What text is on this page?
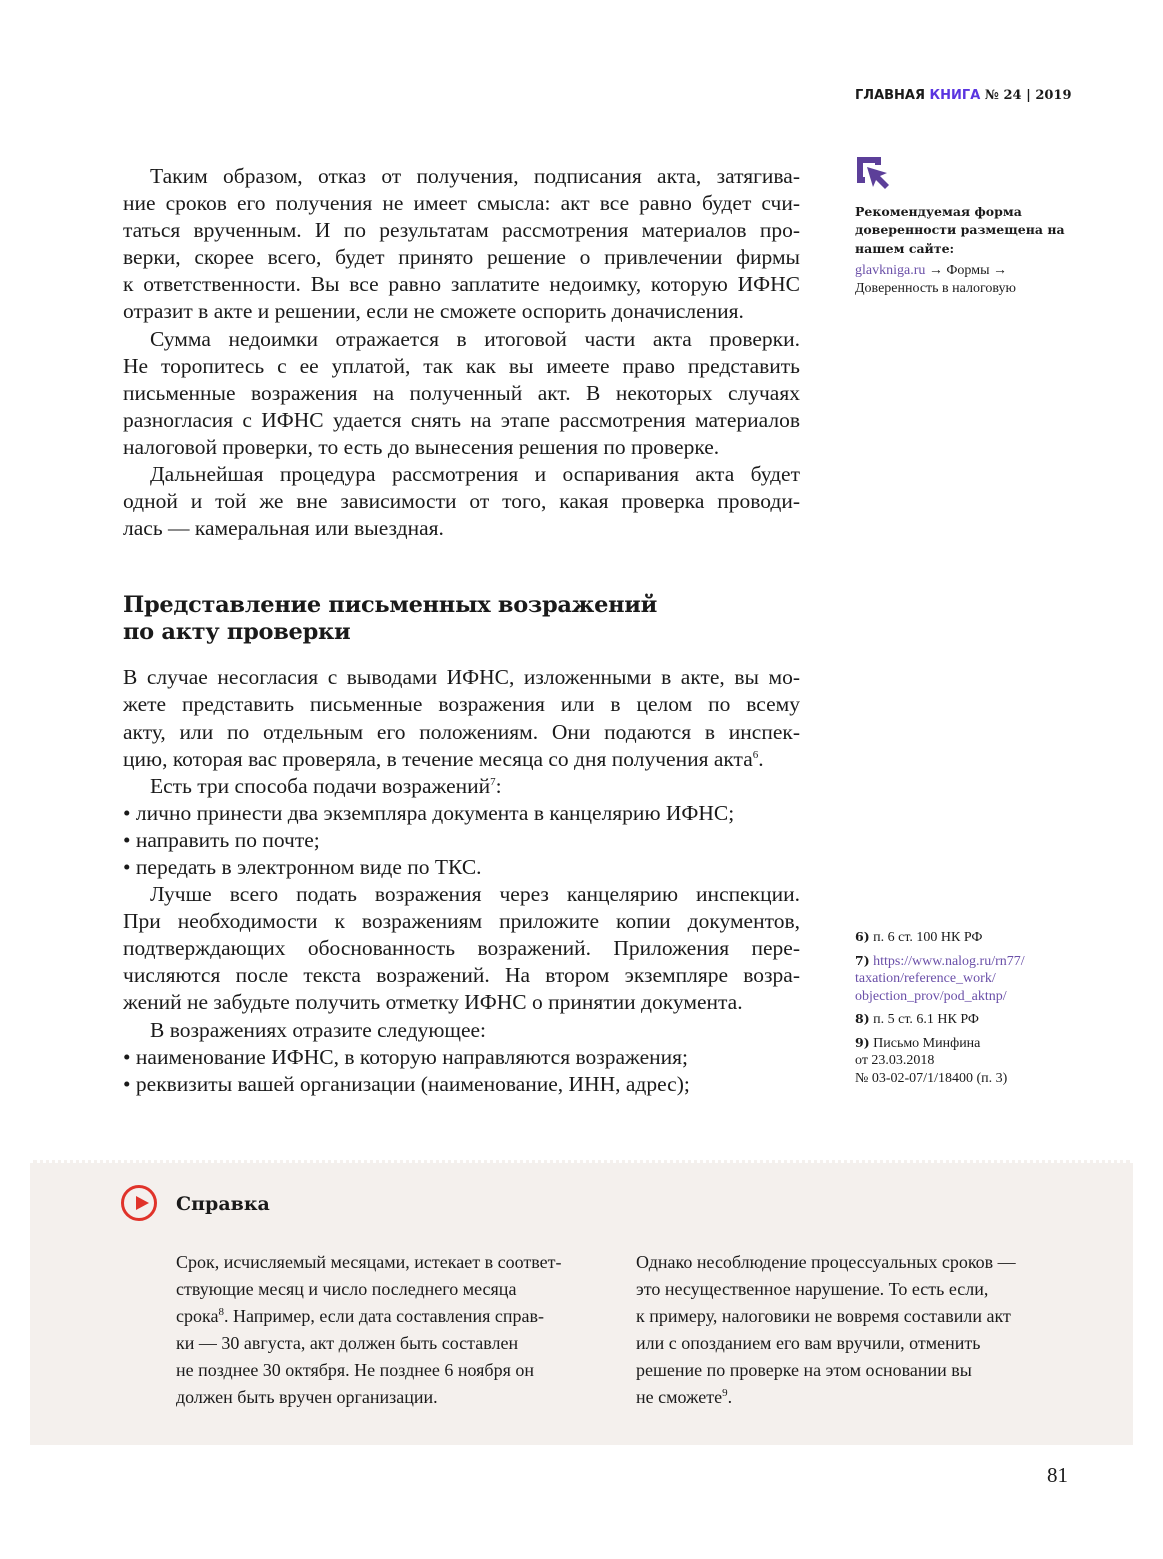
ГЛАВНАЯ КНИГА № 24 | 2019
Таким образом, отказ от получения, подписания акта, затягива-
ние сроков его получения не имеет смысла: акт все равно будет счи-
таться врученным. И по результатам рассмотрения материалов про-
верки, скорее всего, будет принято решение о привлечении фирмы
к ответственности. Вы все равно заплатите недоимку, которую ИФНС
отразит в акте и решении, если не сможете оспорить доначисления.
Сумма недоимки отражается в итоговой части акта проверки.
Не торопитесь с ее уплатой, так как вы имеете право представить
письменные возражения на полученный акт. В некоторых случаях
разногласия с ИФНС удается снять на этапе рассмотрения материалов
налоговой проверки, то есть до вынесения решения по проверке.
Дальнейшая процедура рассмотрения и оспаривания акта будет
одной и той же вне зависимости от того, какая проверка проводи-
лась — камеральная или выездная.
Представление письменных возражений
по акту проверки
В случае несогласия с выводами ИФНС, изложенными в акте, вы мо-
жете представить письменные возражения или в целом по всему
акту, или по отдельным его положениям. Они подаются в инспек-
цию, которая вас проверяла, в течение месяца со дня получения акта$^6$.
Есть три способа подачи возражений$^7$:
• лично принести два экземпляра документа в канцелярию ИФНС;
• направить по почте;
• передать в электронном виде по ТКС.
Лучше всего подать возражения через канцелярию инспекции.
При необходимости к возражениям приложите копии документов,
подтверждающих обоснованность возражений. Приложения пере-
числяются после текста возражений. На втором экземпляре возра-
жений не забудьте получить отметку ИФНС о принятии документа.
В возражениях отразите следующее:
• наименование ИФНС, в которую направляются возражения;
• реквизиты вашей организации (наименование, ИНН, адрес);
Рекомендуемая форма доверенности размещена на нашем сайте:
glavkniga.ru → Формы →
Доверенность в налоговую
6) п. 6 ст. 100 НК РФ
7) https://www.nalog.ru/rn77/
taxation/reference_work/
objection_prov/pod_aktnp/
8) п. 5 ст. 6.1 НК РФ
9) Письмо Минфина
от 23.03.2018
№ 03-02-07/1/18400 (п. 3)
Справка
Срок, исчисляемый месяцами, истекает в соответ-
ствующие месяц и число последнего месяца
срока$^8$. Например, если дата составления справ-
ки — 30 августа, акт должен быть составлен
не позднее 30 октября. Не позднее 6 ноября он
должен быть вручен организации.
Однако несоблюдение процессуальных сроков —
это несущественное нарушение. То есть если,
к примеру, налоговики не вовремя составили акт
или с опозданием его вам вручили, отменить
решение по проверке на этом основании вы
не сможете$^9$.
81
